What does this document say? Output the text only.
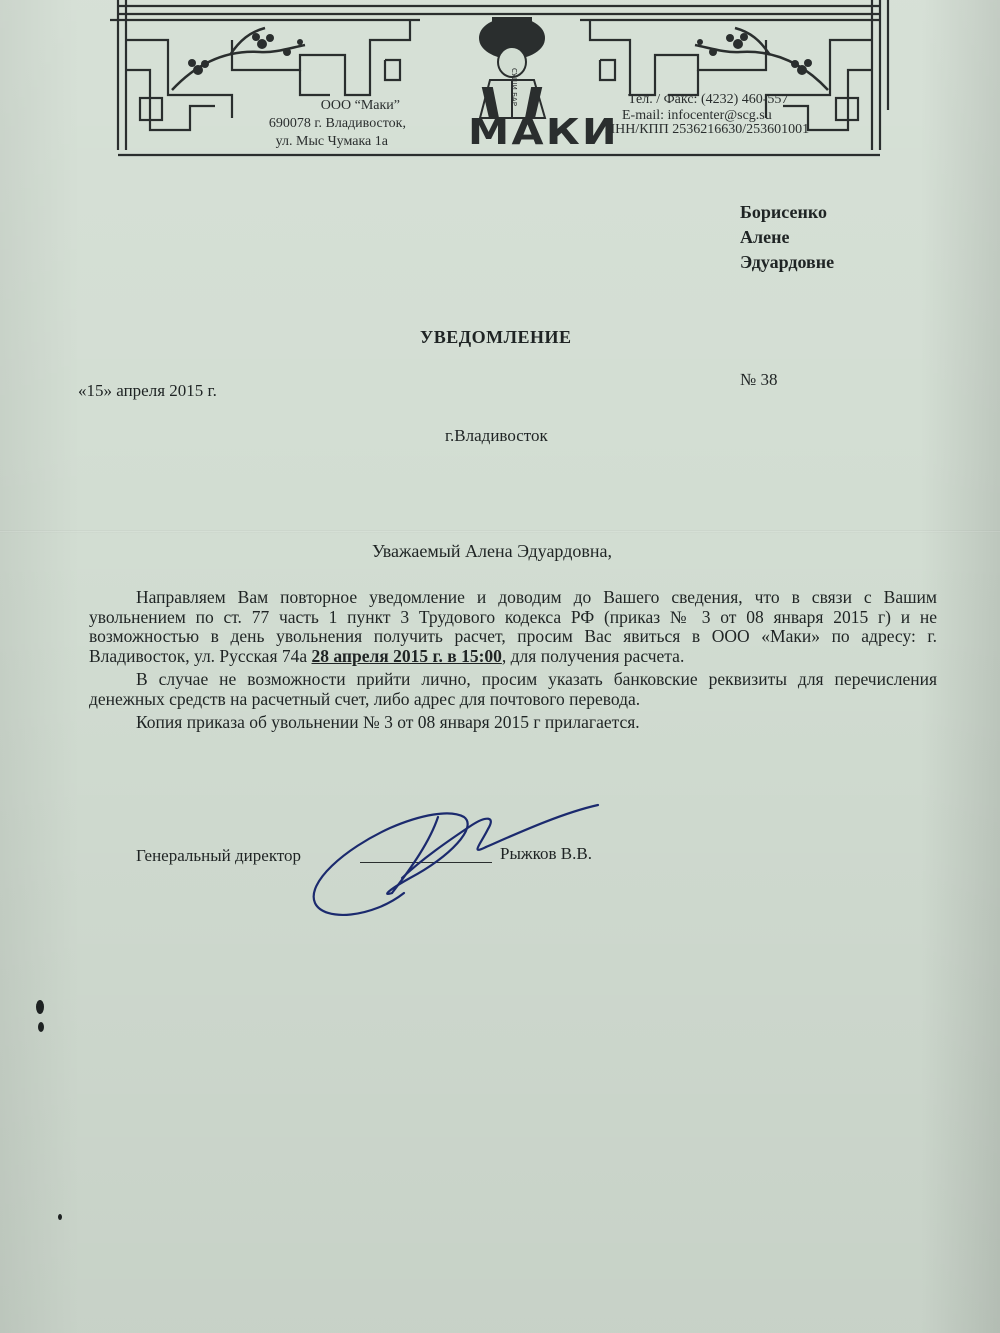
ООО “Маки”
690078 г. Владивосток,
ул. Мыс Чумака 1а МАКИ
СУШИ БАР	Тел. / Факс: (4232) 460-557
E-mail: infocenter@scg.su
ИНН/КПП 2536216630/253601001
Борисенко
Алене
Эдуардовне
УВЕДОМЛЕНИЕ
«15» апреля 2015 г.
№ 38
г.Владивосток
Уважаемый Алена Эдуардовна,

Направляем Вам повторное уведомление и доводим до Вашего сведения, что в связи с Вашим увольнением по ст. 77 часть 1 пункт 3 Трудового кодекса РФ (приказ № 3 от 08 января 2015 г) и не возможностью в день увольнения получить расчет, просим Вас явиться в ООО «Маки» по адресу: г. Владивосток, ул. Русская 74а 28 апреля 2015 г. в 15:00, для получения расчета.

В случае не возможности прийти лично, просим указать банковские реквизиты для перечисления денежных средств на расчетный счет, либо адрес для почтового перевода.

Копия приказа об увольнении № 3 от 08 января 2015 г прилагается.

Генеральный директор	Рыжков В.В.
